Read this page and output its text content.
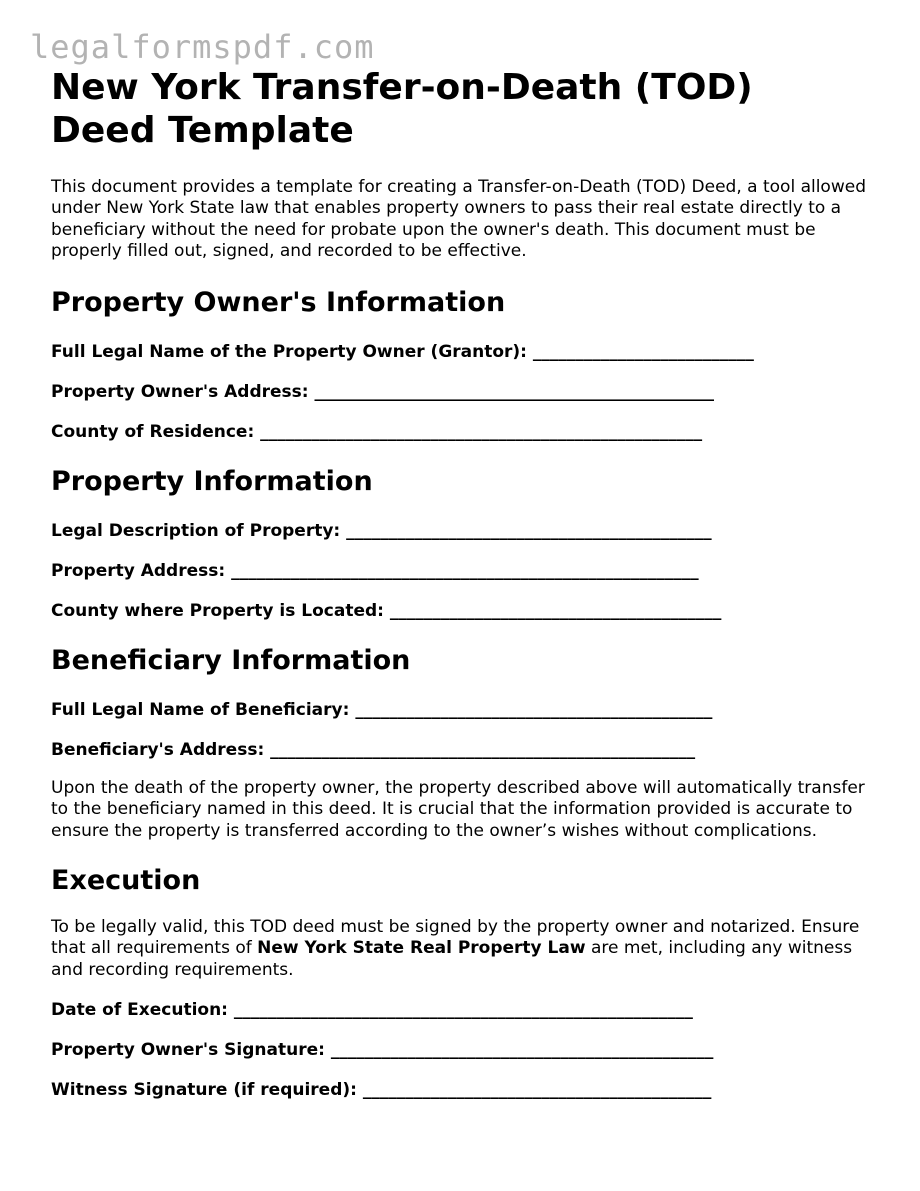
legalformspdf.com
New York Transfer-on-Death (TOD) Deed Template

This document provides a template for creating a Transfer-on-Death (TOD) Deed, a tool allowed under New York State law that enables property owners to pass their real estate directly to a beneficiary without the need for probate upon the owner's death. This document must be properly filled out, signed, and recorded to be effective.

Property Owner's Information
Full Legal Name of the Property Owner (Grantor): __________________________
Property Owner's Address: _______________________________________________
County of Residence: ____________________________________________________
Property Information
Legal Description of Property: ___________________________________________
Property Address: _______________________________________________________
County where Property is Located: _______________________________________
Beneficiary Information
Full Legal Name of Beneficiary: __________________________________________
Beneficiary's Address: __________________________________________________

Upon the death of the property owner, the property described above will automatically transfer to the beneficiary named in this deed. It is crucial that the information provided is accurate to ensure the property is transferred according to the owner’s wishes without complications.

Execution

To be legally valid, this TOD deed must be signed by the property owner and notarized. Ensure that all requirements of New York State Real Property Law are met, including any witness and recording requirements.

Date of Execution: ______________________________________________________
Property Owner's Signature: _____________________________________________
Witness Signature (if required): _________________________________________
